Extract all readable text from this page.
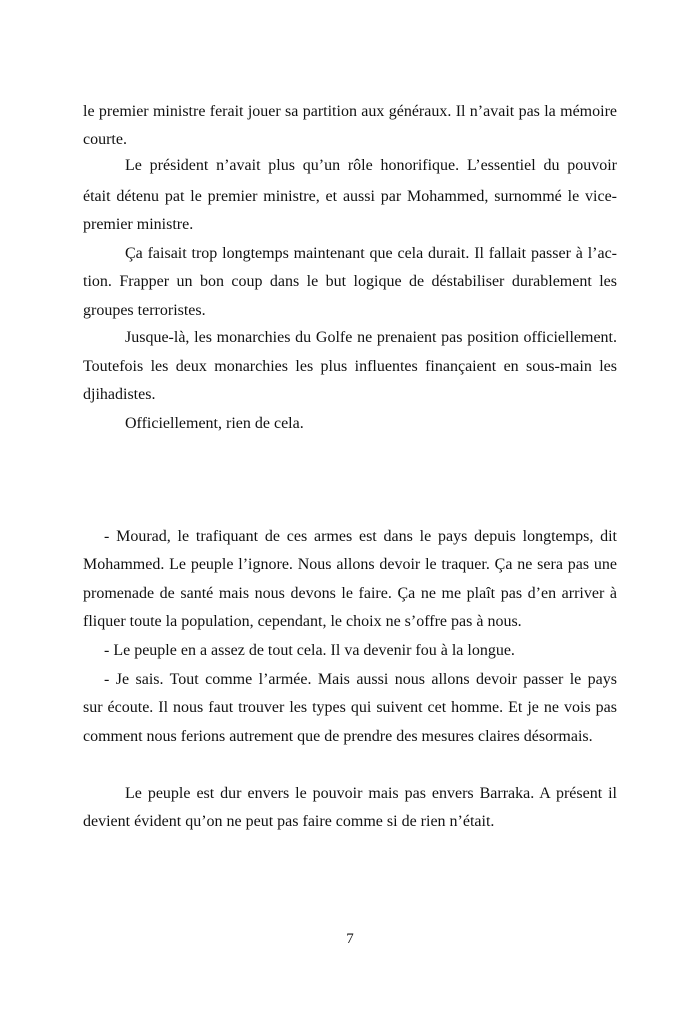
le premier ministre ferait jouer sa partition aux généraux. Il n’avait pas la mémoire
courte.
Le président n’avait plus qu’un rôle honorifique. L’essentiel du pouvoir
était détenu pat le premier ministre, et aussi par Mohammed, surnommé le vice-
premier ministre.
Ça faisait trop longtemps maintenant que cela durait. Il fallait passer à l’ac-
tion. Frapper un bon coup dans le but logique de déstabiliser durablement les
groupes terroristes.
Jusque-là, les monarchies du Golfe ne prenaient pas position officiellement.
Toutefois les deux monarchies les plus influentes finançaient en sous-main les
djihadistes.
Officiellement, rien de cela.
- Mourad, le trafiquant de ces armes est dans le pays depuis longtemps, dit
Mohammed. Le peuple l’ignore. Nous allons devoir le traquer. Ça ne sera pas une
promenade de santé mais nous devons le faire. Ça ne me plaît pas d’en arriver à
fliquer toute la population, cependant, le choix ne s’offre pas à nous.
- Le peuple en a assez de tout cela. Il va devenir fou à la longue.
- Je sais. Tout comme l’armée. Mais aussi nous allons devoir passer le pays
sur écoute. Il nous faut trouver les types qui suivent cet homme. Et je ne vois pas
comment nous ferions autrement que de prendre des mesures claires désormais.
Le peuple est dur envers le pouvoir mais pas envers Barraka. A présent il
devient évident qu’on ne peut pas faire comme si de rien n’était.
7
